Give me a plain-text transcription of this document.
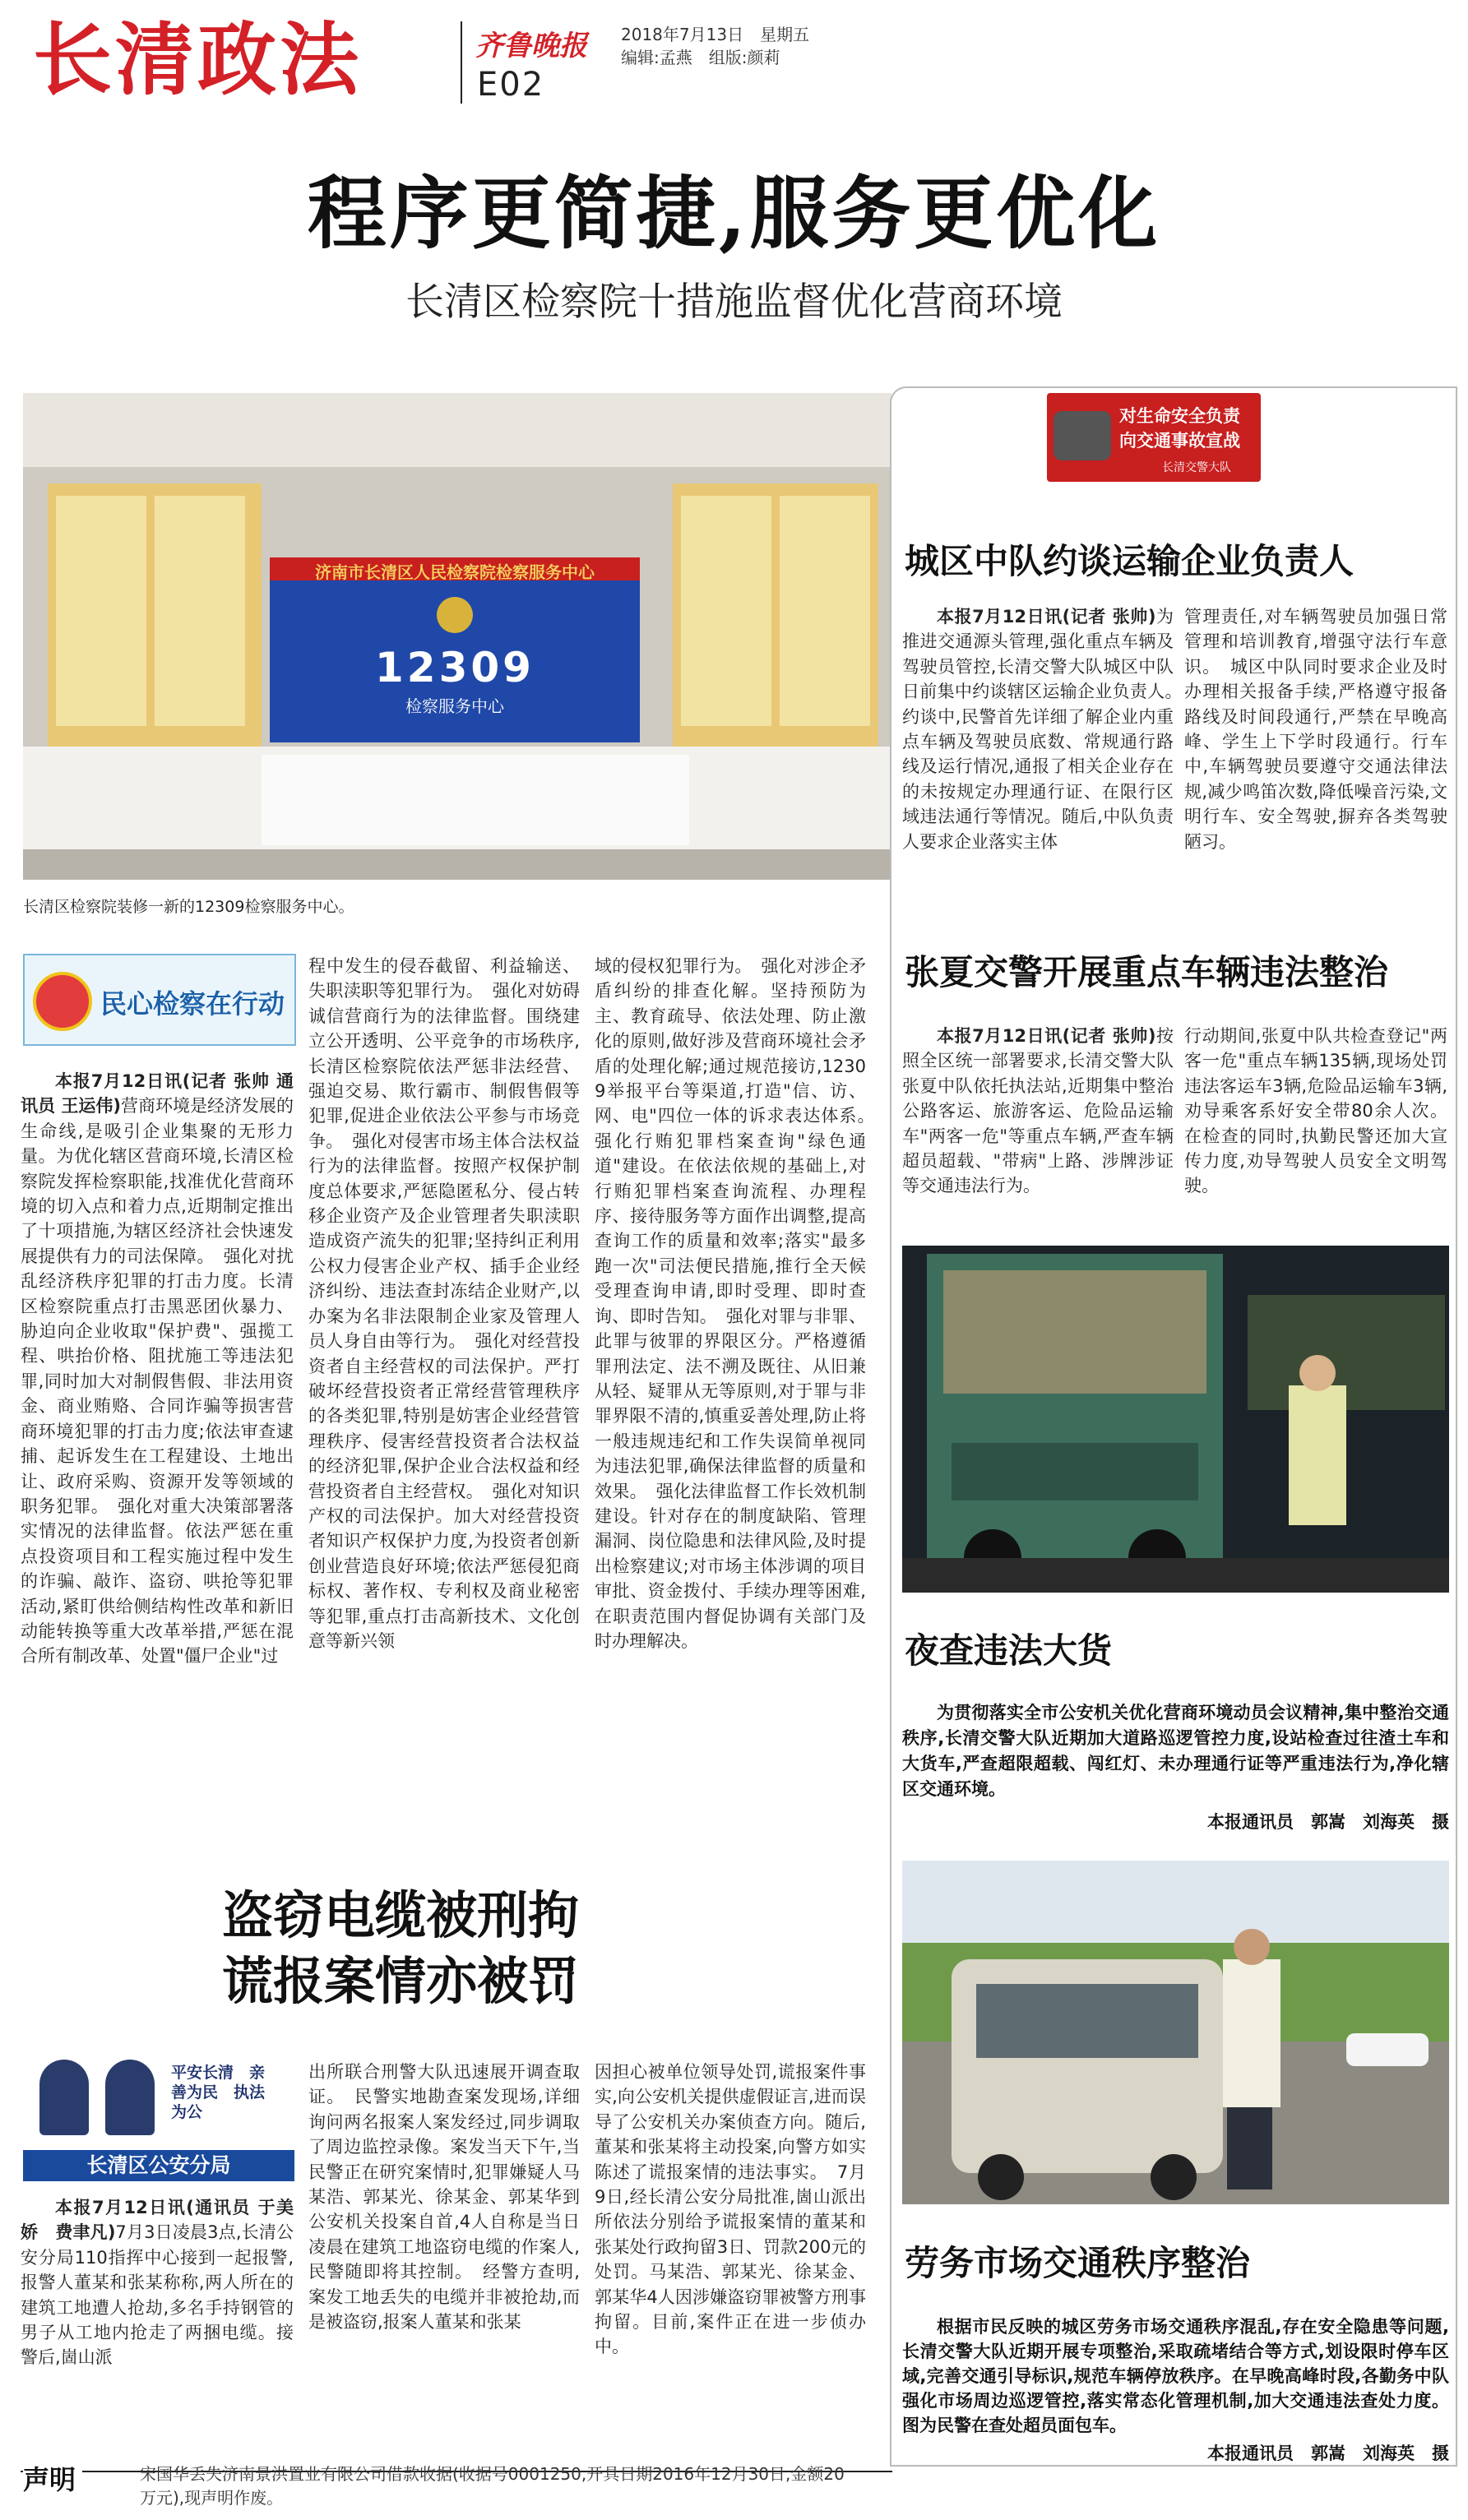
长清政法	齐鲁晚报 2018年7月13日　星期五
编辑:孟燕　组版:颜莉
E02
程序更简捷,服务更优化
长清区检察院十措施监督优化营商环境
济南市长清区人民检察院检察服务中心
12309
检察服务中心
长清区检察院装修一新的12309检察服务中心。
民心检察在行动

本报7月12日讯(记者 张帅 通讯员 王运伟)营商环境是经济发展的生命线,是吸引企业集聚的无形力量。为优化辖区营商环境,长清区检察院发挥检察职能,找准优化营商环境的切入点和着力点,近期制定推出了十项措施,为辖区经济社会快速发展提供有力的司法保障。　强化对扰乱经济秩序犯罪的打击力度。长清区检察院重点打击黑恶团伙暴力、胁迫向企业收取"保护费"、强揽工程、哄抬价格、阻扰施工等违法犯罪,同时加大对制假售假、非法用资金、商业贿赂、合同诈骗等损害营商环境犯罪的打击力度;依法审查逮捕、起诉发生在工程建设、土地出让、政府采购、资源开发等领域的职务犯罪。　强化对重大决策部署落实情况的法律监督。依法严惩在重点投资项目和工程实施过程中发生的诈骗、敲诈、盗窃、哄抢等犯罪活动,紧盯供给侧结构性改革和新旧动能转换等重大改革举措,严惩在混合所有制改革、处置"僵尸企业"过

程中发生的侵吞截留、利益输送、失职渎职等犯罪行为。　强化对妨碍诚信营商行为的法律监督。围绕建立公开透明、公平竞争的市场秩序,长清区检察院依法严惩非法经营、强迫交易、欺行霸市、制假售假等犯罪,促进企业依法公平参与市场竞争。　强化对侵害市场主体合法权益行为的法律监督。按照产权保护制度总体要求,严惩隐匿私分、侵占转移企业资产及企业管理者失职渎职造成资产流失的犯罪;坚持纠正利用公权力侵害企业产权、插手企业经济纠纷、违法查封冻结企业财产,以办案为名非法限制企业家及管理人员人身自由等行为。　强化对经营投资者自主经营权的司法保护。严打破坏经营投资者正常经营管理秩序的各类犯罪,特别是妨害企业经营管理秩序、侵害经营投资者合法权益的经济犯罪,保护企业合法权益和经营投资者自主经营权。　强化对知识产权的司法保护。加大对经营投资者知识产权保护力度,为投资者创新创业营造良好环境;依法严惩侵犯商标权、著作权、专利权及商业秘密等犯罪,重点打击高新技术、文化创意等新兴领

域的侵权犯罪行为。　强化对涉企矛盾纠纷的排查化解。坚持预防为主、教育疏导、依法处理、防止激化的原则,做好涉及营商环境社会矛盾的处理化解;通过规范接访,12309举报平台等渠道,打造"信、访、网、电"四位一体的诉求表达体系。　强化行贿犯罪档案查询"绿色通道"建设。在依法依规的基础上,对行贿犯罪档案查询流程、办理程序、接待服务等方面作出调整,提高查询工作的质量和效率;落实"最多跑一次"司法便民措施,推行全天候受理查询申请,即时受理、即时查询、即时告知。　强化对罪与非罪、此罪与彼罪的界限区分。严格遵循罪刑法定、法不溯及既往、从旧兼从轻、疑罪从无等原则,对于罪与非罪界限不清的,慎重妥善处理,防止将一般违规违纪和工作失误简单视同为违法犯罪,确保法律监督的质量和效果。　强化法律监督工作长效机制建设。针对存在的制度缺陷、管理漏洞、岗位隐患和法律风险,及时提出检察建议;对市场主体涉调的项目审批、资金拨付、手续办理等困难,在职责范围内督促协调有关部门及时办理解决。

盗窃电缆被刑拘
谎报案情亦被罚
平安长清　亲善为民　执法为公
长清区公安分局

本报7月12日讯(通讯员 于美娇　费聿凡)7月3日凌晨3点,长清公安分局110指挥中心接到一起报警,报警人董某和张某称称,两人所在的建筑工地遭人抢劫,多名手持钢管的男子从工地内抢走了两捆电缆。接警后,崮山派

出所联合刑警大队迅速展开调查取证。　民警实地勘查案发现场,详细询问两名报案人案发经过,同步调取了周边监控录像。案发当天下午,当民警正在研究案情时,犯罪嫌疑人马某浩、郭某光、徐某金、郭某华到公安机关投案自首,4人自称是当日凌晨在建筑工地盗窃电缆的作案人,民警随即将其控制。　经警方查明,案发工地丢失的电缆并非被抢劫,而是被盗窃,报案人董某和张某

因担心被单位领导处罚,谎报案件事实,向公安机关提供虚假证言,进而误导了公安机关办案侦查方向。随后,董某和张某将主动投案,向警方如实陈述了谎报案情的违法事实。　7月9日,经长清公安分局批准,崮山派出所依法分别给予谎报案情的董某和张某处行政拘留3日、罚款200元的处罚。马某浩、郭某光、徐某金、郭某华4人因涉嫌盗窃罪被警方刑事拘留。目前,案件正在进一步侦办中。

对生命安全负责
向交通事故宣战
长清交警大队
城区中队约谈运输企业负责人

本报7月12日讯(记者 张帅)为推进交通源头管理,强化重点车辆及驾驶员管控,长清交警大队城区中队日前集中约谈辖区运输企业负责人。　约谈中,民警首先详细了解企业内重点车辆及驾驶员底数、常规通行路线及运行情况,通报了相关企业存在的未按规定办理通行证、在限行区域违法通行等情况。随后,中队负责人要求企业落实主体

管理责任,对车辆驾驶员加强日常管理和培训教育,增强守法行车意识。　城区中队同时要求企业及时办理相关报备手续,严格遵守报备路线及时间段通行,严禁在早晚高峰、学生上下学时段通行。行车中,车辆驾驶员要遵守交通法律法规,减少鸣笛次数,降低噪音污染,文明行车、安全驾驶,摒弃各类驾驶陋习。

张夏交警开展重点车辆违法整治

本报7月12日讯(记者 张帅)按照全区统一部署要求,长清交警大队张夏中队依托执法站,近期集中整治公路客运、旅游客运、危险品运输车"两客一危"等重点车辆,严查车辆超员超载、"带病"上路、涉牌涉证等交通违法行为。

行动期间,张夏中队共检查登记"两客一危"重点车辆135辆,现场处罚违法客运车3辆,危险品运输车3辆,劝导乘客系好安全带80余人次。在检查的同时,执勤民警还加大宣传力度,劝导驾驶人员安全文明驾驶。

夜查违法大货
为贯彻落实全市公安机关优化营商环境动员会议精神,集中整治交通秩序,长清交警大队近期加大道路巡逻管控力度,设站检查过往渣土车和大货车,严查超限超载、闯红灯、未办理通行证等严重违法行为,净化辖区交通环境。
本报通讯员　郭嵩　刘海英　摄
劳务市场交通秩序整治
根据市民反映的城区劳务市场交通秩序混乱,存在安全隐患等问题,长清交警大队近期开展专项整治,采取疏堵结合等方式,划设限时停车区域,完善交通引导标识,规范车辆停放秩序。在早晚高峰时段,各勤务中队强化市场周边巡逻管控,落实常态化管理机制,加大交通违法查处力度。图为民警在查处超员面包车。
本报通讯员　郭嵩　刘海英　摄
声明	宋国华丢失济南景洪置业有限公司借款收据(收据号0001250,开具日期2016年12月30日,金额20万元),现声明作废。
